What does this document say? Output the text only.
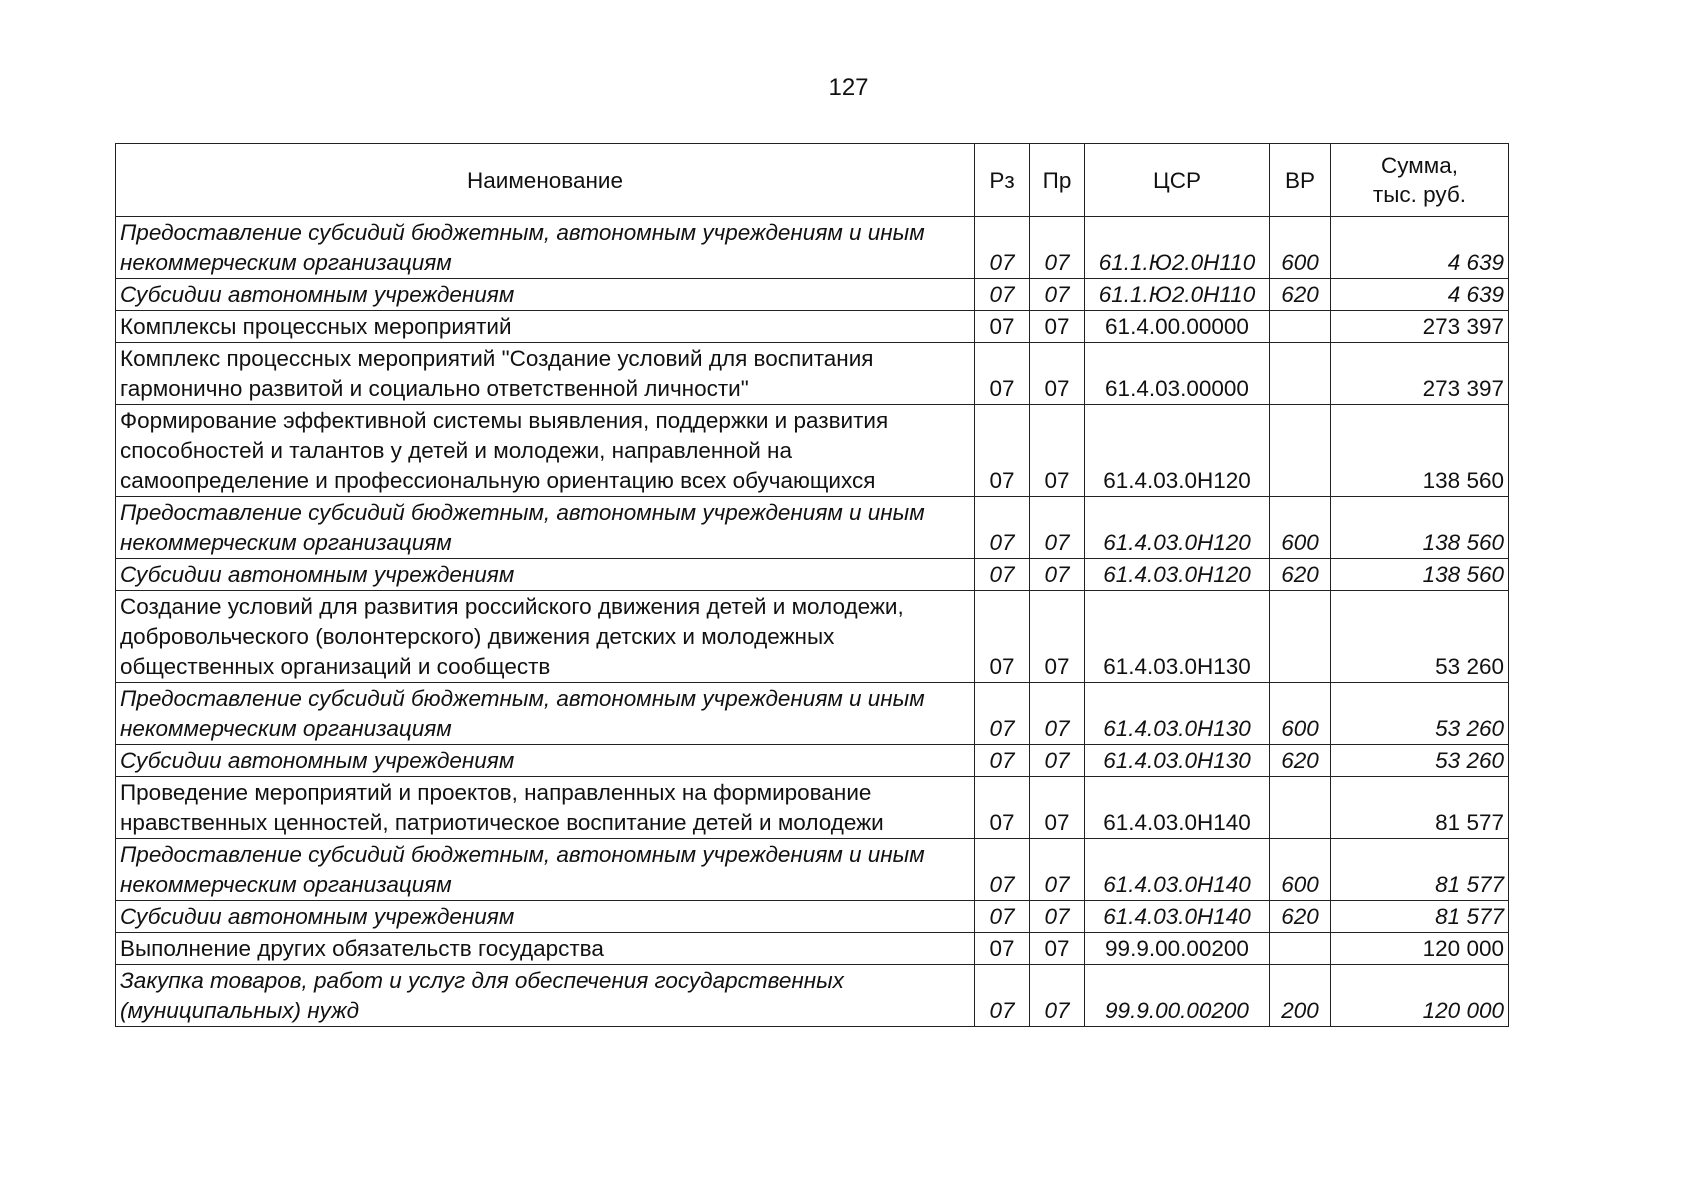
127
Наименование	Рз	Пр	ЦСР	ВР	Сумма,
тыс. руб.
Предоставление субсидий бюджетным, автономным учреждениям и иным некоммерческим организациям	07	07	61.1.Ю2.0Н110	600	4 639
Субсидии автономным учреждениям	07	07	61.1.Ю2.0Н110	620	4 639
Комплексы процессных мероприятий	07	07	61.4.00.00000		273 397
Комплекс процессных мероприятий "Создание условий для воспитания гармонично развитой и социально ответственной личности"	07	07	61.4.03.00000		273 397
Формирование эффективной системы выявления, поддержки и развития способностей и талантов у детей и молодежи, направленной на самоопределение и профессиональную ориентацию всех обучающихся	07	07	61.4.03.0Н120		138 560
Предоставление субсидий бюджетным, автономным учреждениям и иным некоммерческим организациям	07	07	61.4.03.0Н120	600	138 560
Субсидии автономным учреждениям	07	07	61.4.03.0Н120	620	138 560
Создание условий для развития российского движения детей и молодежи, добровольческого (волонтерского) движения детских и молодежных общественных организаций и сообществ	07	07	61.4.03.0Н130		53 260
Предоставление субсидий бюджетным, автономным учреждениям и иным некоммерческим организациям	07	07	61.4.03.0Н130	600	53 260
Субсидии автономным учреждениям	07	07	61.4.03.0Н130	620	53 260
Проведение мероприятий и проектов, направленных на формирование нравственных ценностей, патриотическое воспитание детей и молодежи	07	07	61.4.03.0Н140		81 577
Предоставление субсидий бюджетным, автономным учреждениям и иным некоммерческим организациям	07	07	61.4.03.0Н140	600	81 577
Субсидии автономным учреждениям	07	07	61.4.03.0Н140	620	81 577
Выполнение других обязательств государства	07	07	99.9.00.00200		120 000
Закупка товаров, работ и услуг для обеспечения государственных (муниципальных) нужд	07	07	99.9.00.00200	200	120 000
